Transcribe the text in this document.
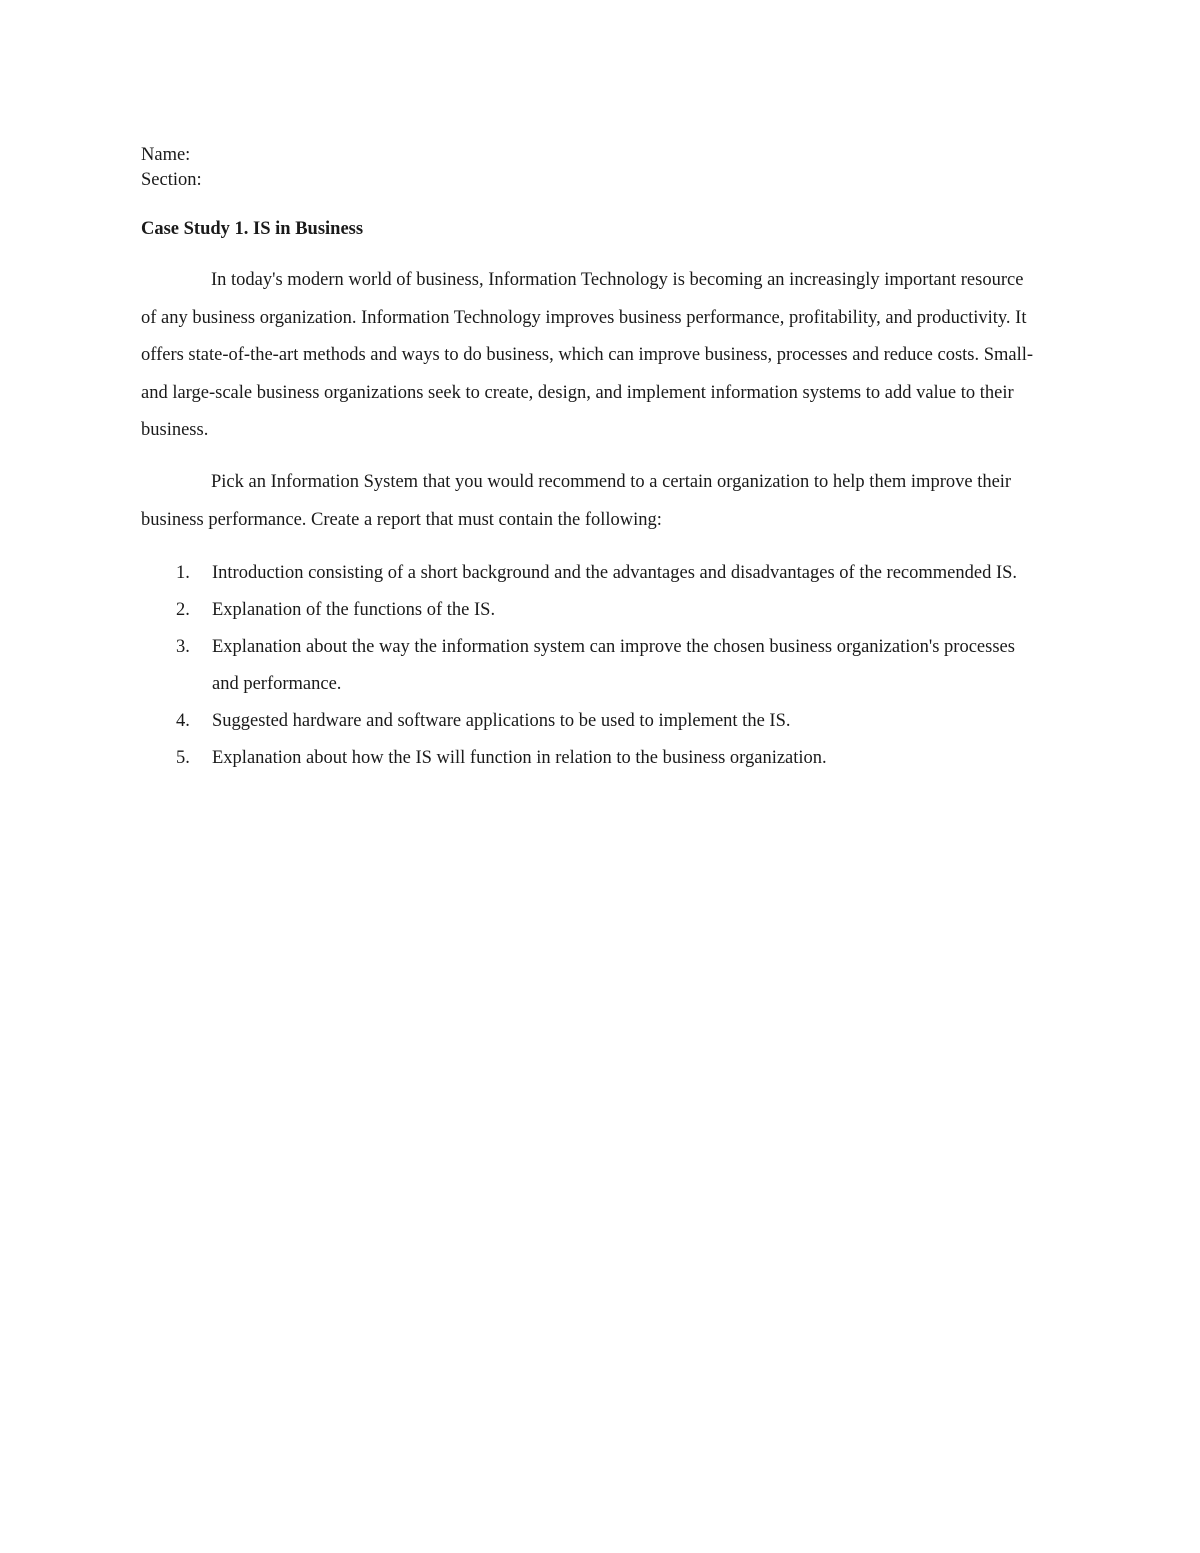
Name:
Section:
Case Study 1. IS in Business

In today's modern world of business, Information Technology is becoming an increasingly important resource of any business organization. Information Technology improves business performance, profitability, and productivity. It offers state-of-the-art methods and ways to do business, which can improve business, processes and reduce costs. Small- and large-scale business organizations seek to create, design, and implement information systems to add value to their business.

Pick an Information System that you would recommend to a certain organization to help them improve their business performance. Create a report that must contain the following:

1. Introduction consisting of a short background and the advantages and disadvantages of the recommended IS.
2. Explanation of the functions of the IS.
3. Explanation about the way the information system can improve the chosen business organization's processes and performance.
4. Suggested hardware and software applications to be used to implement the IS.
5. Explanation about how the IS will function in relation to the business organization.
